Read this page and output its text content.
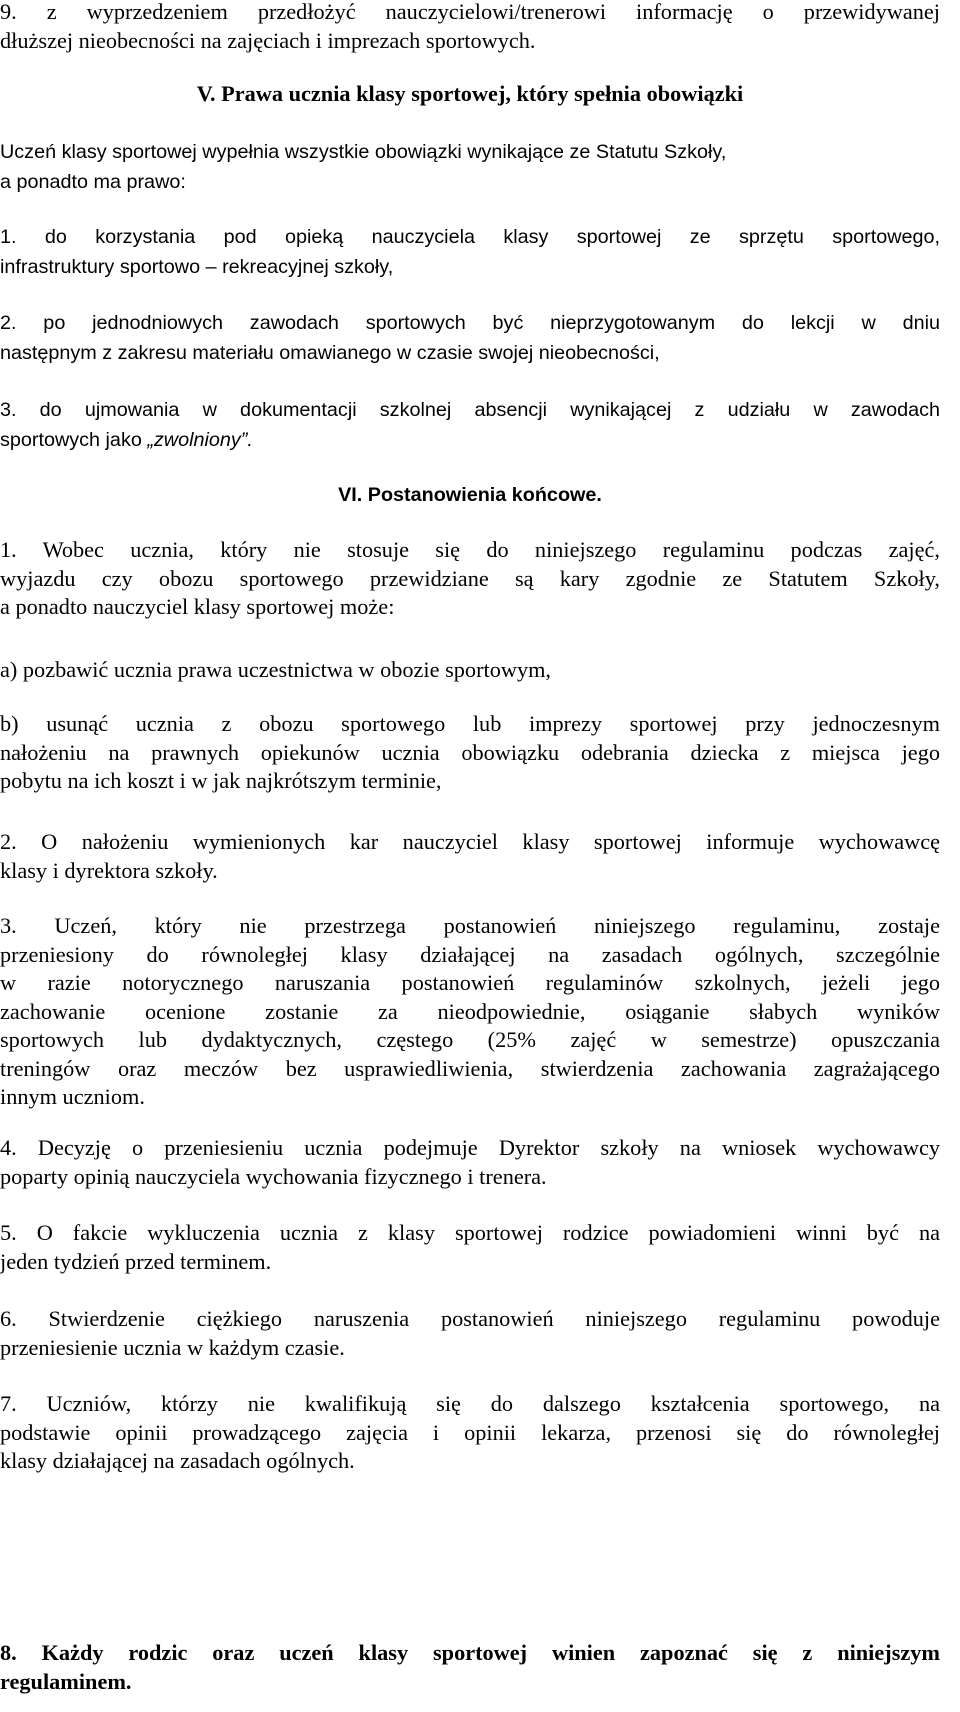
9. z wyprzedzeniem przedłożyć nauczycielowi/trenerowi informację o przewidywanej
dłuższej nieobecności na zajęciach i imprezach sportowych.
V. Prawa ucznia klasy sportowej, który spełnia obowiązki
Uczeń klasy sportowej wypełnia wszystkie obowiązki wynikające ze Statutu Szkoły,
a ponadto ma prawo:
1. do korzystania pod opieką nauczyciela klasy sportowej ze sprzętu sportowego,
infrastruktury sportowo – rekreacyjnej szkoły,
2. po jednodniowych zawodach sportowych być nieprzygotowanym do lekcji w dniu
następnym z zakresu materiału omawianego w czasie swojej nieobecności,
3. do ujmowania w dokumentacji szkolnej absencji wynikającej z udziału w zawodach
sportowych jako „zwolniony”.
VI. Postanowienia końcowe.
1. Wobec ucznia, który nie stosuje się do niniejszego regulaminu podczas zajęć,
wyjazdu czy obozu sportowego przewidziane są kary zgodnie ze Statutem Szkoły,
a ponadto nauczyciel klasy sportowej może:
a) pozbawić ucznia prawa uczestnictwa w obozie sportowym,
b) usunąć ucznia z obozu sportowego lub imprezy sportowej przy jednoczesnym
nałożeniu na prawnych opiekunów ucznia obowiązku odebrania dziecka z miejsca jego
pobytu na ich koszt i w jak najkrótszym terminie,
2. O nałożeniu wymienionych kar nauczyciel klasy sportowej informuje wychowawcę
klasy i dyrektora szkoły.
3. Uczeń, który nie przestrzega postanowień niniejszego regulaminu, zostaje
przeniesiony do równoległej klasy działającej na zasadach ogólnych, szczególnie
w razie notorycznego naruszania postanowień regulaminów szkolnych, jeżeli jego
zachowanie ocenione zostanie za nieodpowiednie, osiąganie słabych wyników
sportowych lub dydaktycznych, częstego (25% zajęć w semestrze) opuszczania
treningów oraz meczów bez usprawiedliwienia, stwierdzenia zachowania zagrażającego
innym uczniom.
4. Decyzję o przeniesieniu ucznia podejmuje Dyrektor szkoły na wniosek wychowawcy
poparty opinią nauczyciela wychowania fizycznego i trenera.
5. O fakcie wykluczenia ucznia z klasy sportowej rodzice powiadomieni winni być na
jeden tydzień przed terminem.
6. Stwierdzenie ciężkiego naruszenia postanowień niniejszego regulaminu powoduje
przeniesienie ucznia w każdym czasie.
7. Uczniów, którzy nie kwalifikują się do dalszego kształcenia sportowego, na
podstawie opinii prowadzącego zajęcia i opinii lekarza, przenosi się do równoległej
klasy działającej na zasadach ogólnych.
8. Każdy rodzic oraz uczeń klasy sportowej winien zapoznać się z niniejszym
regulaminem.
